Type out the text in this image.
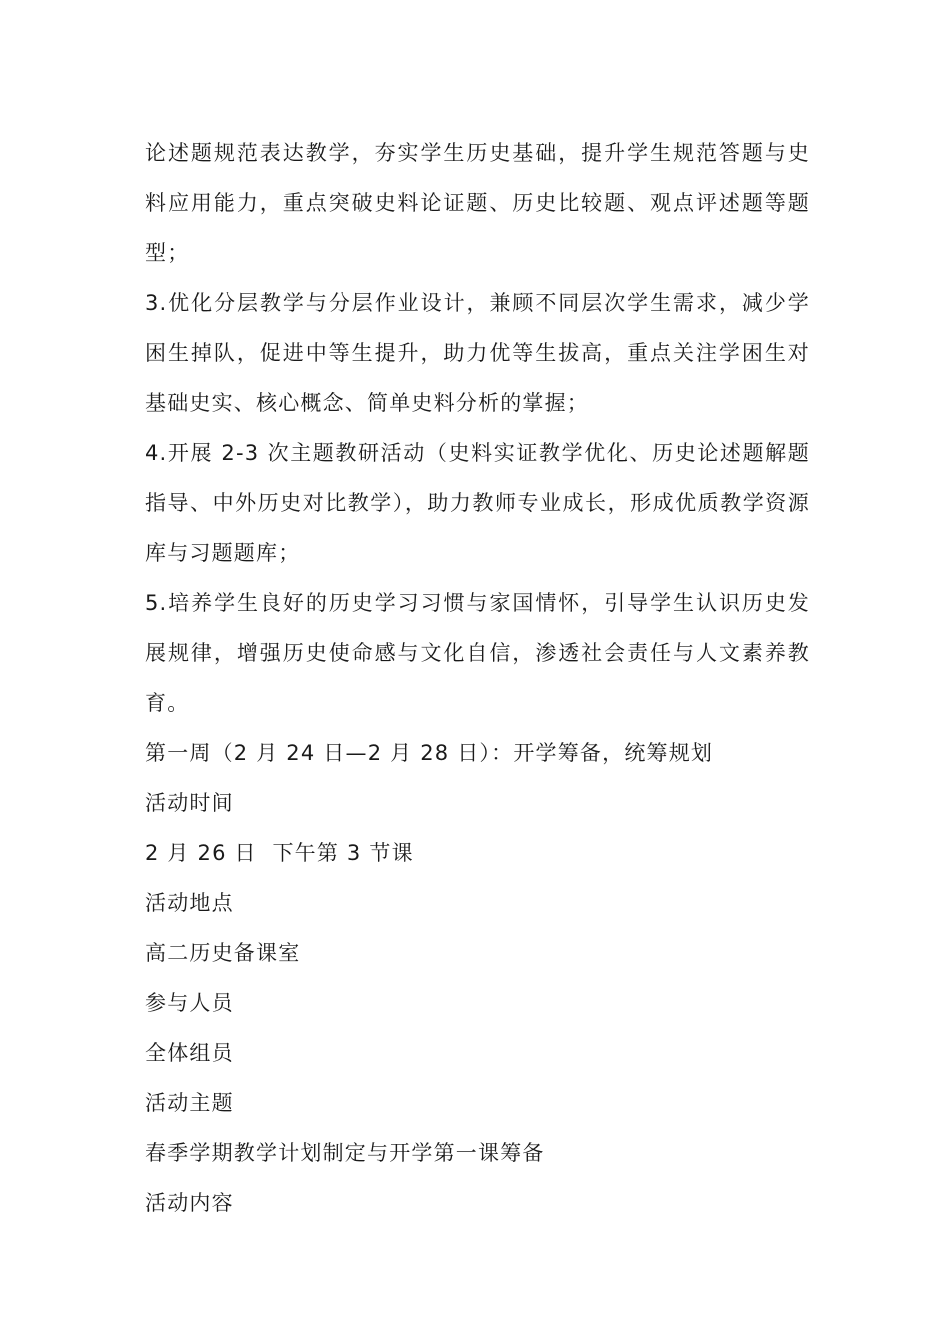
论述题规范表达教学，夯实学生历史基础，提升学生规范答题与史料应用能力，重点突破史料论证题、历史比较题、观点评述题等题型；

3.优化分层教学与分层作业设计，兼顾不同层次学生需求，减少学困生掉队，促进中等生提升，助力优等生拔高，重点关注学困生对基础史实、核心概念、简单史料分析的掌握；

4.开展 2-3 次主题教研活动（史料实证教学优化、历史论述题解题指导、中外历史对比教学），助力教师专业成长，形成优质教学资源库与习题题库；

5.培养学生良好的历史学习习惯与家国情怀，引导学生认识历史发展规律，增强历史使命感与文化自信，渗透社会责任与人文素养教育。

第一周（2 月 24 日—2 月 28 日）：开学筹备，统筹规划

活动时间

2 月 26 日  下午第 3 节课

活动地点

高二历史备课室

参与人员

全体组员

活动主题

春季学期教学计划制定与开学第一课筹备

活动内容
